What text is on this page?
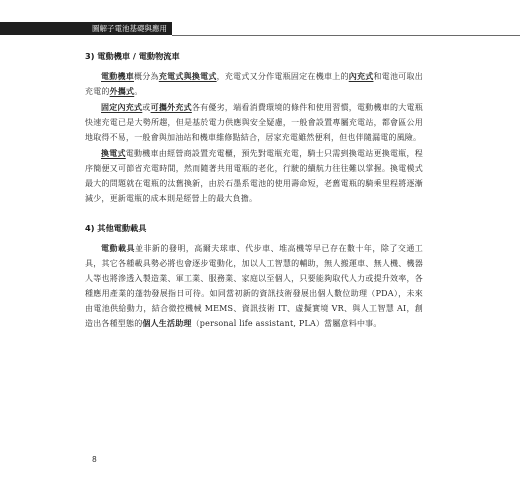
圖解子電池基礎與應用
3) 電動機車 / 電動物流車

電動機車概分為充電式與換電式，充電式又分作電瓶固定在機車上的內充式和電池可取出充電的外攜式。

固定內充式或可攜外充式各有優劣，端看消費環境的條件和使用習慣，電動機車的大電瓶快速充電已是大勢所趨，但是基於電力供應與安全疑慮，一般會設置專屬充電站，都會區公用地取得不易，一般會與加油站和機車維修點結合，居家充電雖然便利，但也伴隨漏電的風險。

換電式電動機車由經營商設置充電櫃，預先對電瓶充電，騎士只需到換電站更換電瓶，程序簡便又可節省充電時間，然而隨著共用電瓶的老化，行駛的續航力往往難以掌握。換電模式最大的問題就在電瓶的汰舊換新，由於石墨系電池的使用壽命短，老舊電瓶的騎乘里程將逐漸減少，更新電瓶的成本則是經營上的最大負擔。

4) 其他電動載具

電動載具並非新的發明，高爾夫球車、代步車、堆高機等早已存在數十年，除了交通工具，其它各種載具勢必將也會逐步電動化，加以人工智慧的輔助，無人搬運車、無人機、機器人等也將滲透入製造業、軍工業、服務業、家庭以至個人，只要能夠取代人力或提升效率，各種應用產業的蓬勃發展指日可待。如同當初新的資訊技術發展出個人數位助理（PDA），未來由電池供給動力，結合微控機械 MEMS、資訊技術 IT、虛擬實境 VR、與人工智慧 AI，創造出各種型態的個人生活助理（personal life assistant, PLA）當屬意料中事。

8
